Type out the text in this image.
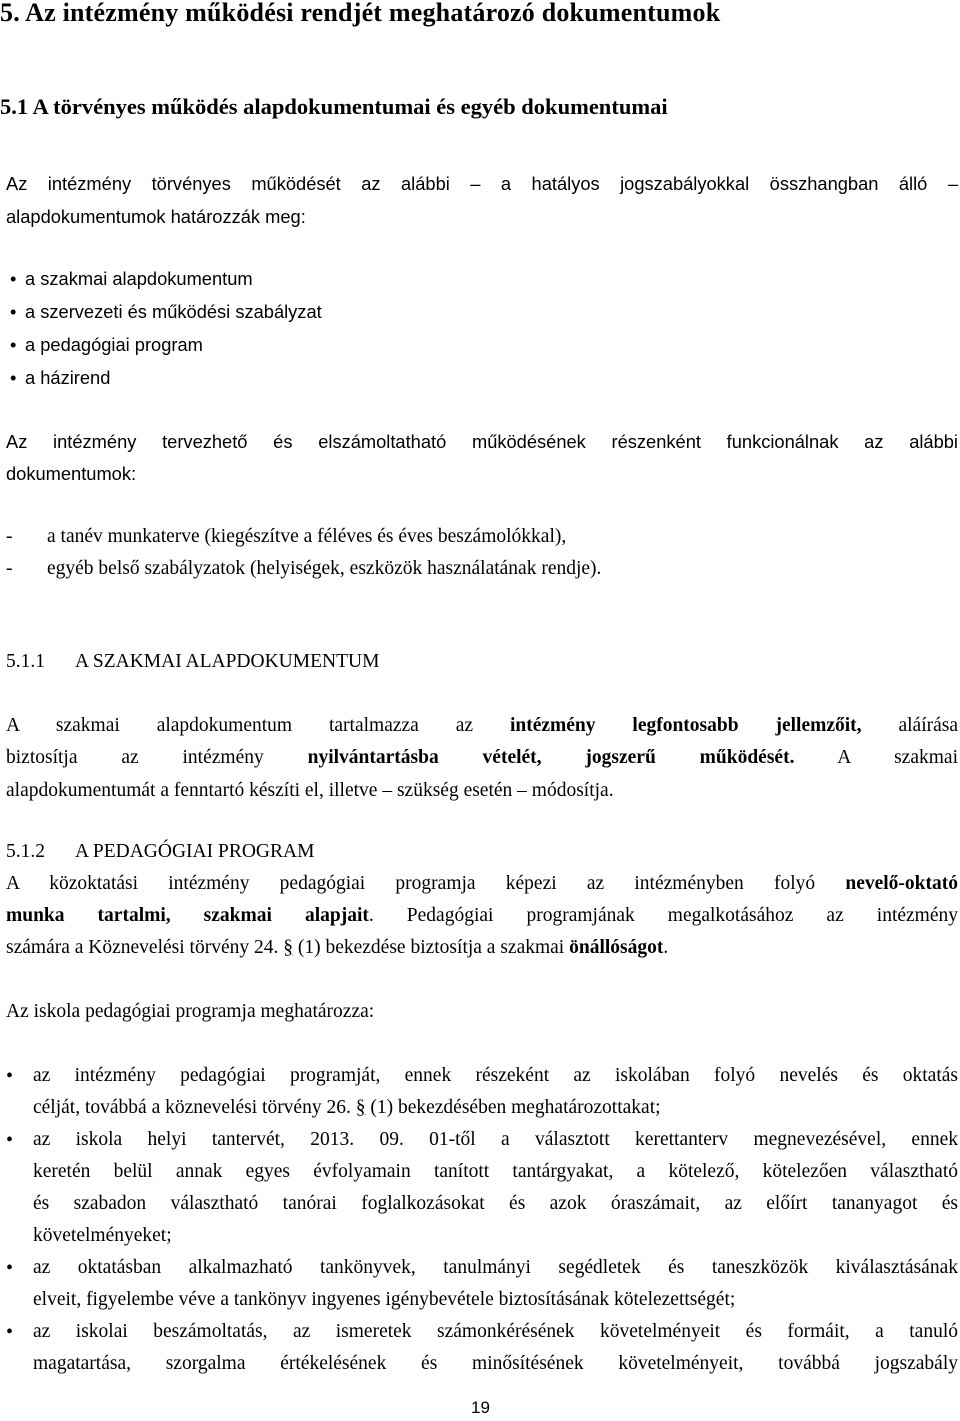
5. Az intézmény működési rendjét meghatározó dokumentumok
5.1 A törvényes működés alapdokumentumai és egyéb dokumentumai
Az intézmény törvényes működését az alábbi – a hatályos jogszabályokkal összhangban álló –
alapdokumentumok határozzák meg:
• a szakmai alapdokumentum
• a szervezeti és működési szabályzat
• a pedagógiai program
• a házirend
Az intézmény tervezhető és elszámoltatható működésének részenként funkcionálnak az alábbi
dokumentumok:
- a tanév munkaterve (kiegészítve a féléves és éves beszámolókkal),
- egyéb belső szabályzatok (helyiségek, eszközök használatának rendje).
5.1.1 A SZAKMAI ALAPDOKUMENTUM
A szakmai alapdokumentum tartalmazza az intézmény legfontosabb jellemzőit, aláírása
biztosítja az intézmény nyilvántartásba vételét, jogszerű működését. A szakmai
alapdokumentumát a fenntartó készíti el, illetve – szükség esetén – módosítja.
5.1.2 A PEDAGÓGIAI PROGRAM
A közoktatási intézmény pedagógiai programja képezi az intézményben folyó nevelő-oktató
munka tartalmi, szakmai alapjait. Pedagógiai programjának megalkotásához az intézmény
számára a Köznevelési törvény 24. § (1) bekezdése biztosítja a szakmai önállóságot.
Az iskola pedagógiai programja meghatározza:
• az intézmény pedagógiai programját, ennek részeként az iskolában folyó nevelés és oktatás
célját, továbbá a köznevelési törvény 26. § (1) bekezdésében meghatározottakat;
• az iskola helyi tantervét, 2013. 09. 01-től a választott kerettanterv megnevezésével, ennek
keretén belül annak egyes évfolyamain tanított tantárgyakat, a kötelező, kötelezően választható
és szabadon választható tanórai foglalkozásokat és azok óraszámait, az előírt tananyagot és
követelményeket;
• az oktatásban alkalmazható tankönyvek, tanulmányi segédletek és taneszközök kiválasztásának
elveit, figyelembe véve a tankönyv ingyenes igénybevétele biztosításának kötelezettségét;
• az iskolai beszámoltatás, az ismeretek számonkérésének követelményeit és formáit, a tanuló
magatartása, szorgalma értékelésének és minősítésének követelményeit, továbbá jogszabály
19
